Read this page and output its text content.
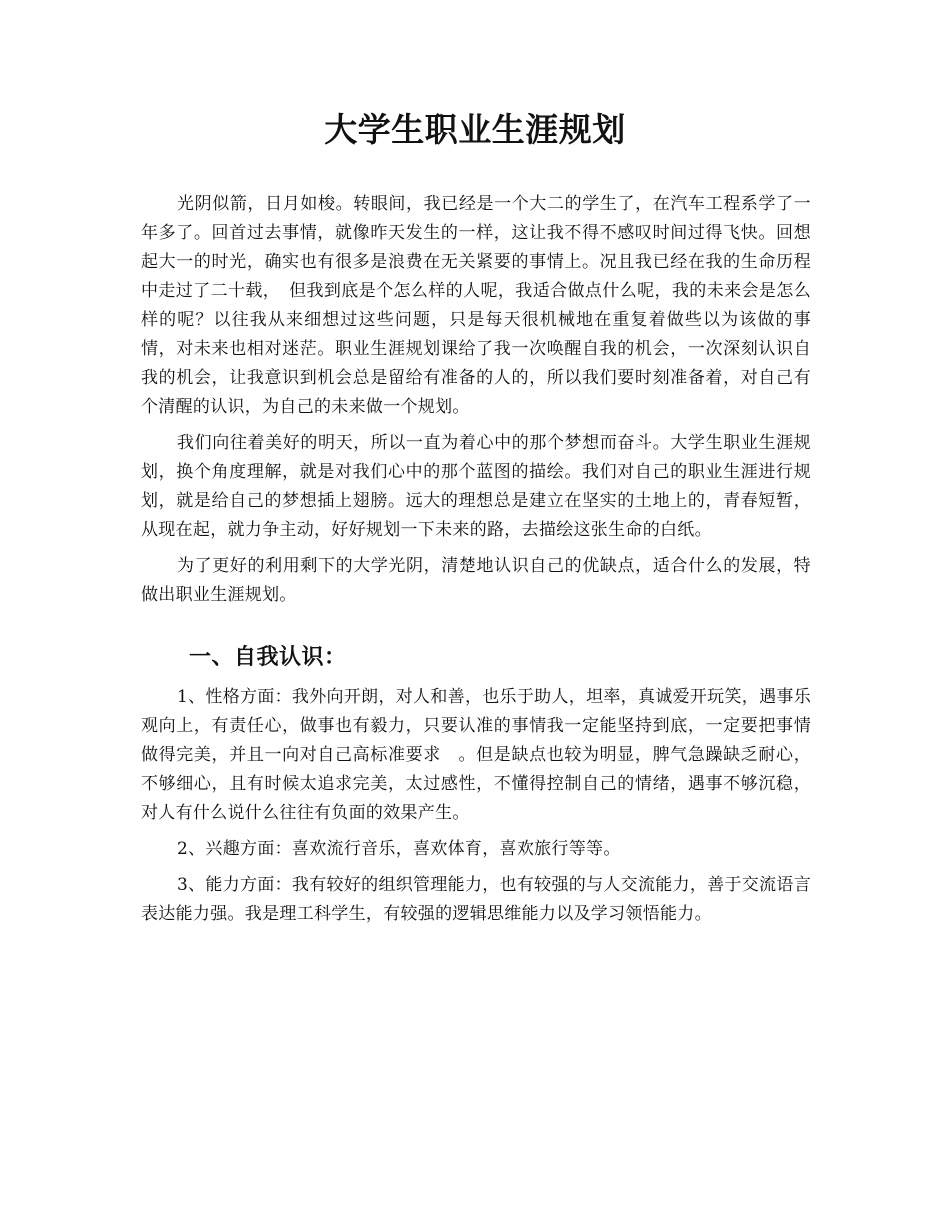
大学生职业生涯规划

光阴似箭，日月如梭。转眼间，我已经是一个大二的学生了，在汽车工程系学了一年多了。回首过去事情，就像昨天发生的一样，这让我不得不感叹时间过得飞快。回想起大一的时光，确实也有很多是浪费在无关紧要的事情上。况且我已经在我的生命历程中走过了二十载，　但我到底是个怎么样的人呢，我适合做点什么呢，我的未来会是怎么样的呢？以往我从来细想过这些问题，只是每天很机械地在重复着做些以为该做的事情，对未来也相对迷茫。职业生涯规划课给了我一次唤醒自我的机会，一次深刻认识自我的机会，让我意识到机会总是留给有准备的人的，所以我们要时刻准备着，对自己有个清醒的认识，为自己的未来做一个规划。

我们向往着美好的明天，所以一直为着心中的那个梦想而奋斗。大学生职业生涯规划，换个角度理解，就是对我们心中的那个蓝图的描绘。我们对自己的职业生涯进行规划，就是给自己的梦想插上翅膀。远大的理想总是建立在坚实的土地上的，青春短暂，从现在起，就力争主动，好好规划一下未来的路，去描绘这张生命的白纸。

为了更好的利用剩下的大学光阴，清楚地认识自己的优缺点，适合什么的发展，特做出职业生涯规划。

一、自我认识：

1、性格方面：我外向开朗，对人和善，也乐于助人，坦率，真诚爱开玩笑，遇事乐观向上，有责任心，做事也有毅力，只要认准的事情我一定能坚持到底，一定要把事情做得完美，并且一向对自己高标准要求　。但是缺点也较为明显，脾气急躁缺乏耐心，不够细心，且有时候太追求完美，太过感性，不懂得控制自己的情绪，遇事不够沉稳，对人有什么说什么往往有负面的效果产生。

2、兴趣方面：喜欢流行音乐，喜欢体育，喜欢旅行等等。

3、能力方面：我有较好的组织管理能力，也有较强的与人交流能力，善于交流语言表达能力强。我是理工科学生，有较强的逻辑思维能力以及学习领悟能力。
